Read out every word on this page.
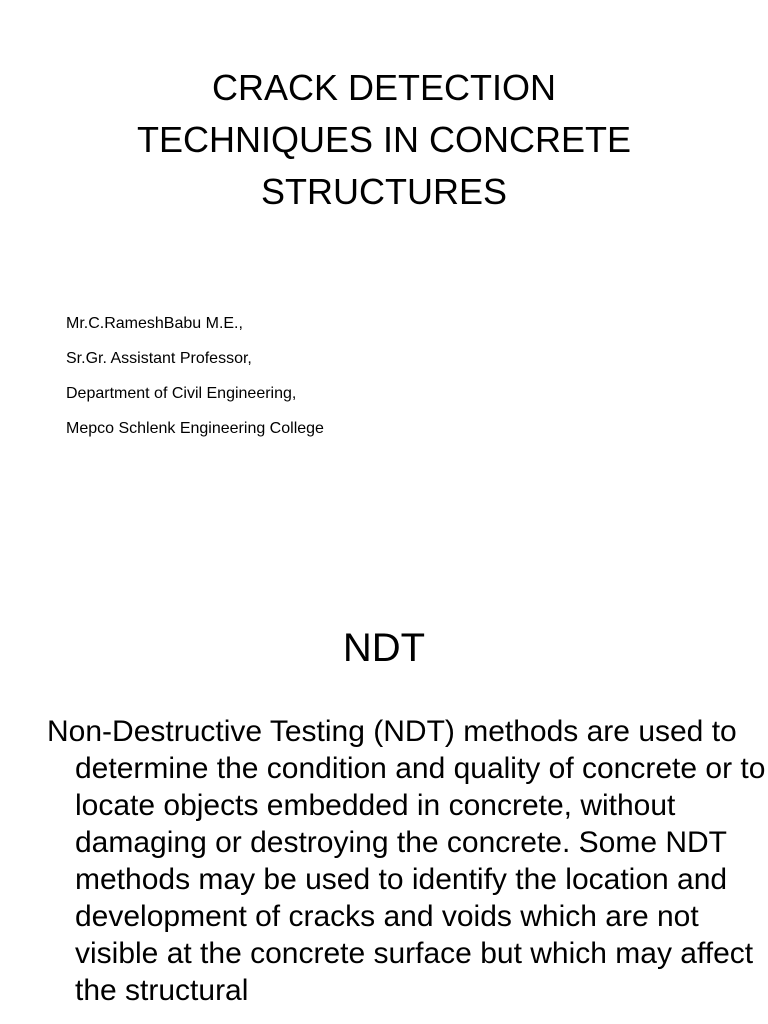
CRACK DETECTION
TECHNIQUES IN CONCRETE
STRUCTURES
Mr.C.RameshBabu M.E.,
Sr.Gr. Assistant Professor,
Department of Civil Engineering,
Mepco Schlenk Engineering College
NDT

Non-Destructive Testing (NDT) methods are used to determine the condition and quality of concrete or to locate objects embedded in concrete, without damaging or destroying the concrete. Some NDT methods may be used to identify the location and development of cracks and voids which are not visible at the concrete surface but which may affect the structural
